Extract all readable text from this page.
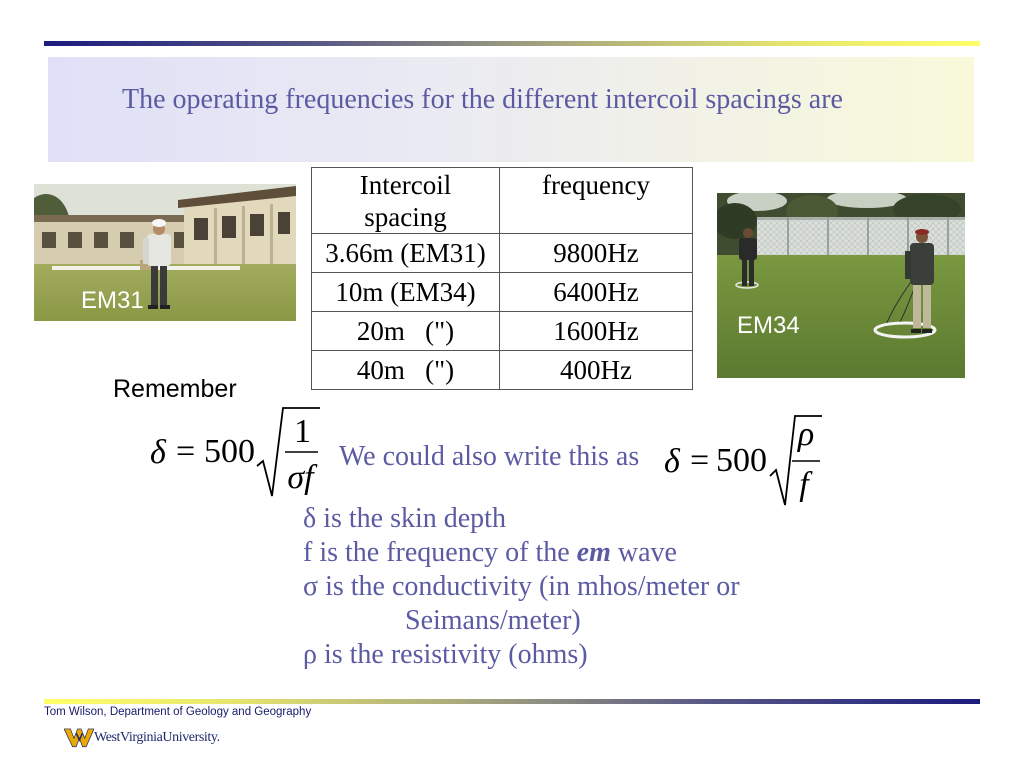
The operating frequencies for the different intercoil spacings are
EM31
Intercoil spacing	frequency
3.66m (EM31)	9800Hz
10m (EM34)	6400Hz
20m   (")	1600Hz
40m   (")	400Hz
EM34
Remember
δ = 500
1
σf
We could also write this as δ = 500
ρ
f
δ is the skin depth
f is the frequency of the em wave
σ is the conductivity (in mhos/meter or
Seimans/meter)
ρ is the resistivity (ohms)
Tom Wilson, Department of Geology and Geography
WestVirginiaUniversity.
